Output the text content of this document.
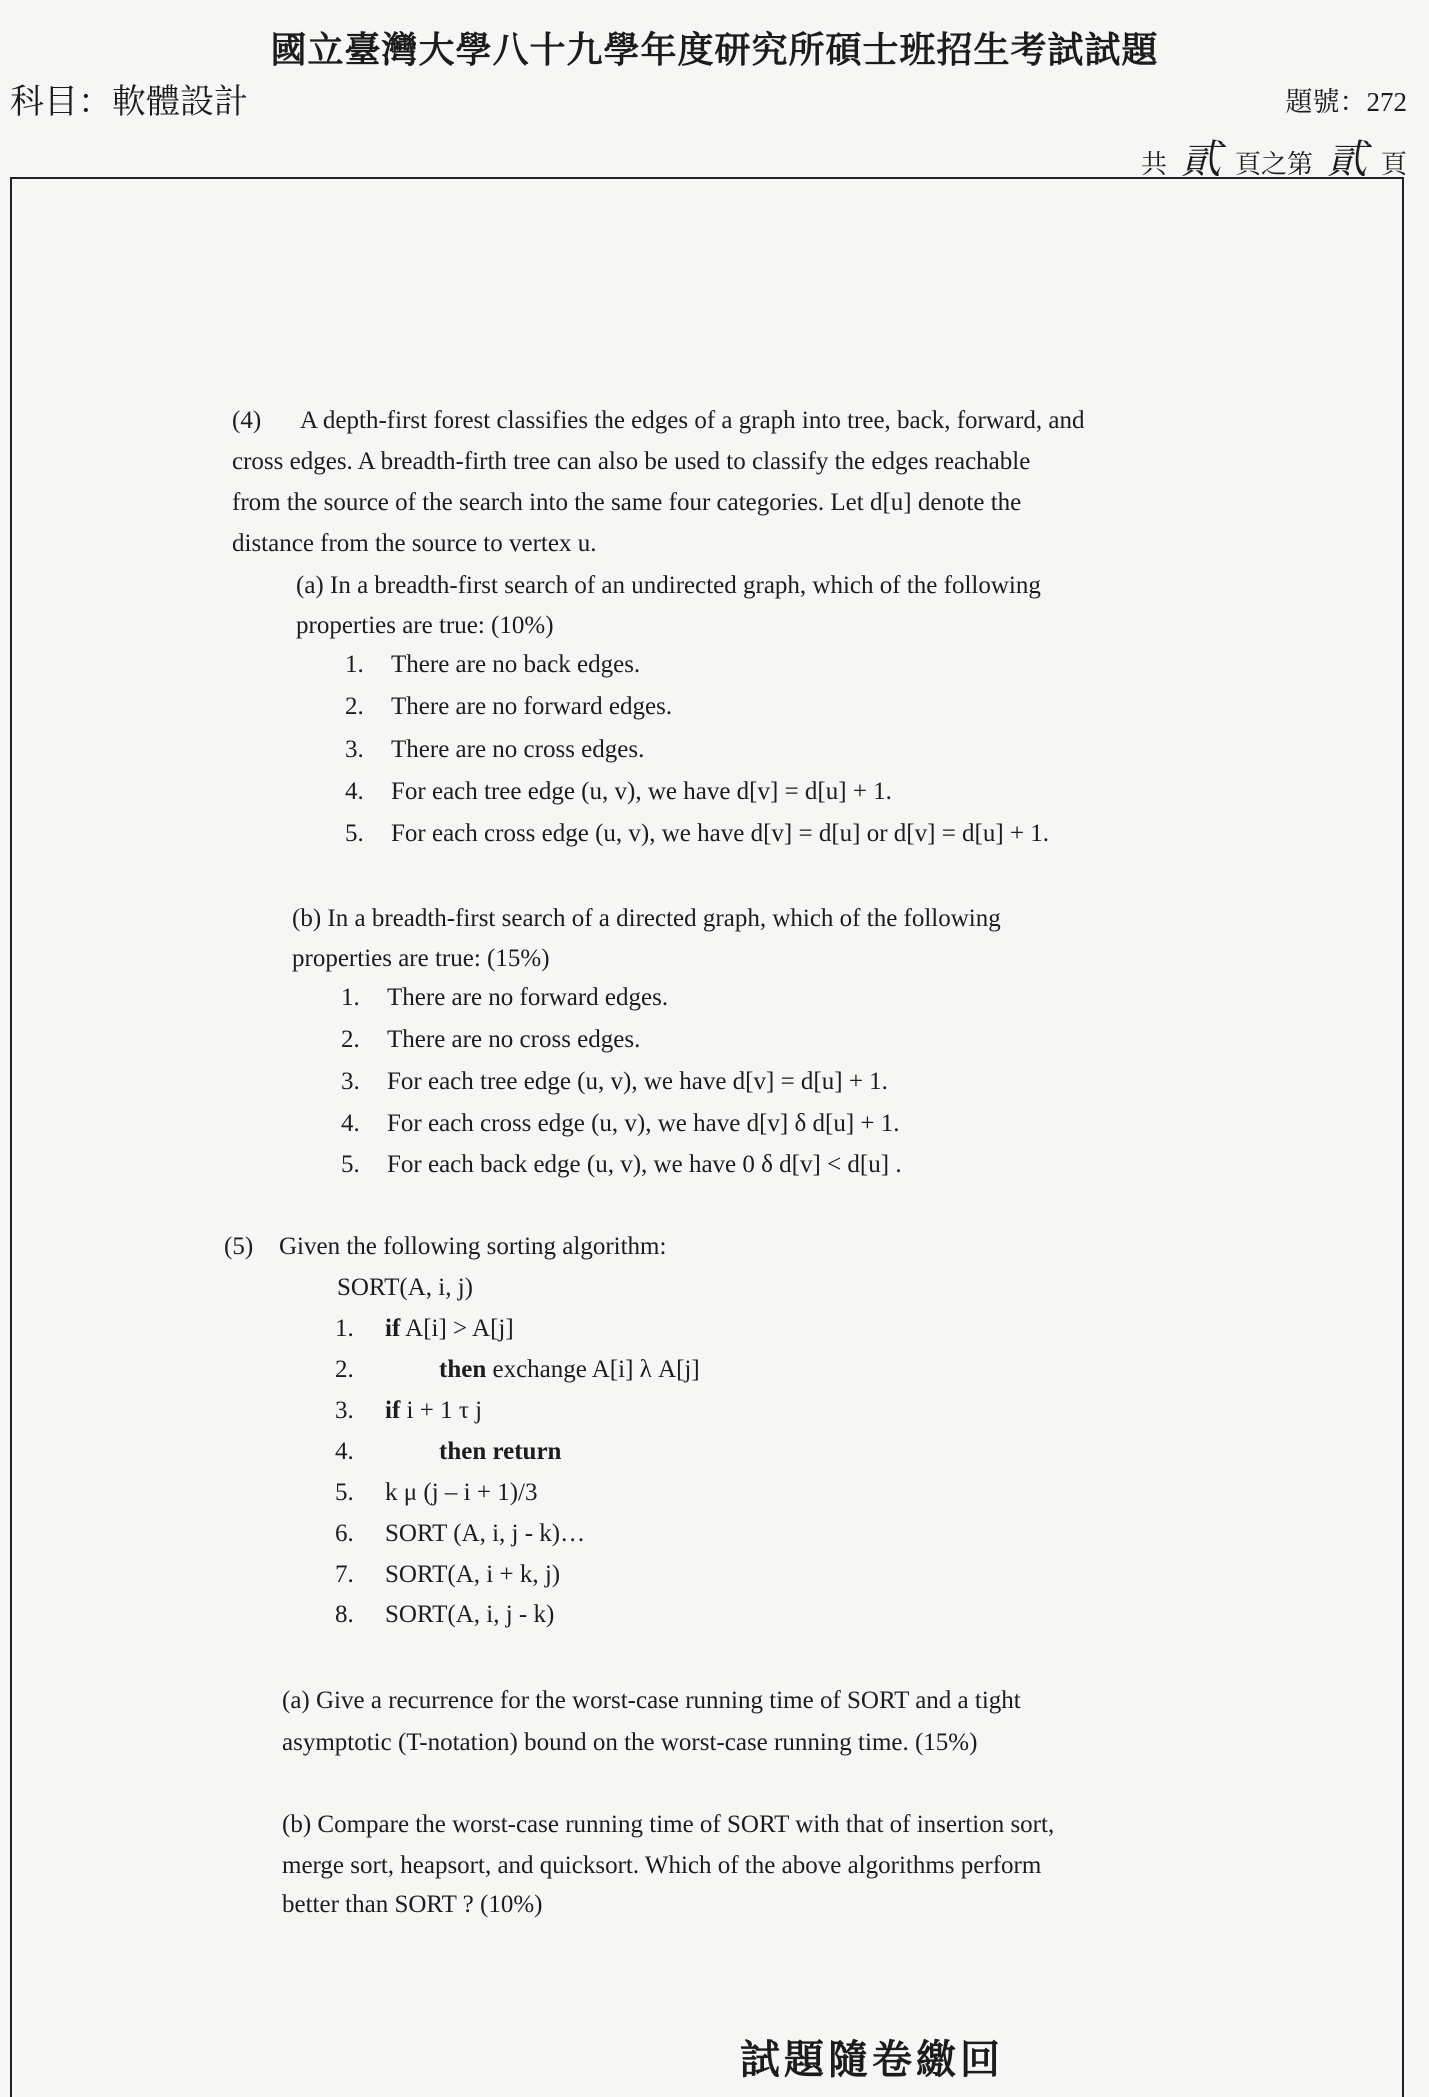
國立臺灣大學八十九學年度研究所碩士班招生考試試題
科目：軟體設計	題號：272
共 貳 頁之第 貳 頁
(4) A depth-first forest classifies the edges of a graph into tree, back, forward, and
cross edges. A breadth-firth tree can also be used to classify the edges reachable
from the source of the search into the same four categories. Let d[u] denote the
distance from the source to vertex u.
(a) In a breadth-first search of an undirected graph, which of the following
properties are true: (10%)
1. There are no back edges.
2. There are no forward edges.
3. There are no cross edges.
4. For each tree edge (u, v), we have d[v] = d[u] + 1.
5. For each cross edge (u, v), we have d[v] = d[u] or d[v] = d[u] + 1.
(b) In a breadth-first search of a directed graph, which of the following
properties are true: (15%)
1. There are no forward edges.
2. There are no cross edges.
3. For each tree edge (u, v), we have d[v] = d[u] + 1.
4. For each cross edge (u, v), we have d[v] δ d[u] + 1.
5. For each back edge (u, v), we have 0 δ d[v] < d[u] .
(5) Given the following sorting algorithm:
SORT(A, i, j)
1. if A[i] > A[j]
2.	then exchange A[i] λ A[j]
3. if i + 1 τ j
4.	then return
5. k μ (j – i + 1)/3
6. SORT (A, i, j - k)…
7. SORT(A, i + k, j)
8. SORT(A, i, j - k)
(a) Give a recurrence for the worst-case running time of SORT and a tight
asymptotic (T-notation) bound on the worst-case running time. (15%)
(b) Compare the worst-case running time of SORT with that of insertion sort,
merge sort, heapsort, and quicksort. Which of the above algorithms perform
better than SORT ? (10%)
試題隨卷繳回
